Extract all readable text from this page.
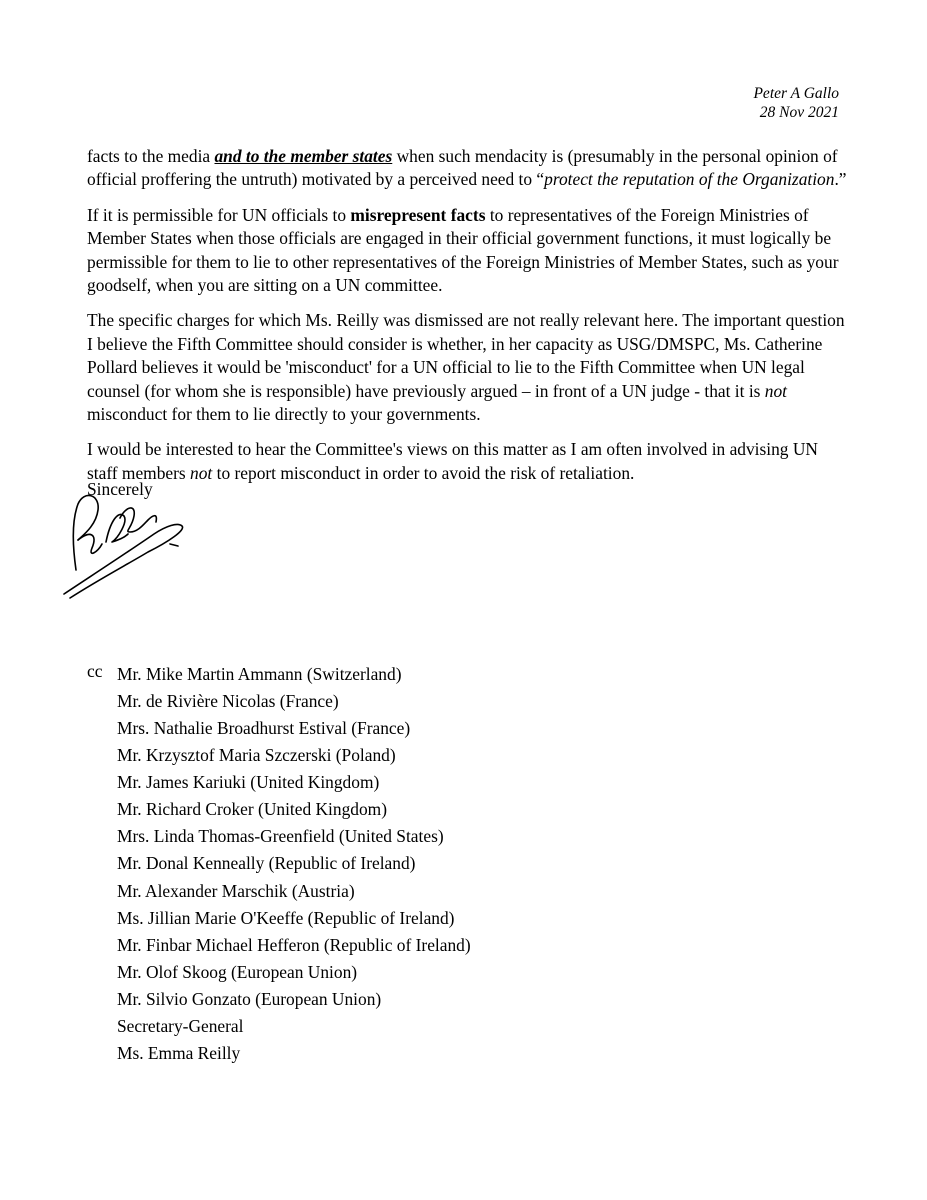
Peter A Gallo
28 Nov 2021

facts to the media and to the member states when such mendacity is (presumably in the personal opinion of official proffering the untruth) motivated by a perceived need to “protect the reputation of the Organization.”

If it is permissible for UN officials to misrepresent facts to representatives of the Foreign Ministries of Member States when those officials are engaged in their official government functions, it must logically be permissible for them to lie to other representatives of the Foreign Ministries of Member States, such as your goodself, when you are sitting on a UN committee.

The specific charges for which Ms. Reilly was dismissed are not really relevant here. The important question I believe the Fifth Committee should consider is whether, in her capacity as USG/DMSPC, Ms. Catherine Pollard believes it would be 'misconduct' for a UN official to lie to the Fifth Committee when UN legal counsel (for whom she is responsible) have previously argued – in front of a UN judge - that it is not misconduct for them to lie directly to your governments.

I would be interested to hear the Committee's views on this matter as I am often involved in advising UN staff members not to report misconduct in order to avoid the risk of retaliation.

Sincerely
cc Mr. Mike Martin Ammann (Switzerland)
Mr. de Rivière Nicolas (France)
Mrs. Nathalie Broadhurst Estival (France)
Mr. Krzysztof Maria Szczerski (Poland)
Mr. James Kariuki (United Kingdom)
Mr. Richard Croker (United Kingdom)
Mrs. Linda Thomas-Greenfield (United States)
Mr. Donal Kenneally (Republic of Ireland)
Mr. Alexander Marschik (Austria)
Ms. Jillian Marie O'Keeffe (Republic of Ireland)
Mr. Finbar Michael Hefferon (Republic of Ireland)
Mr. Olof Skoog (European Union)
Mr. Silvio Gonzato (European Union)
Secretary-General
Ms. Emma Reilly
